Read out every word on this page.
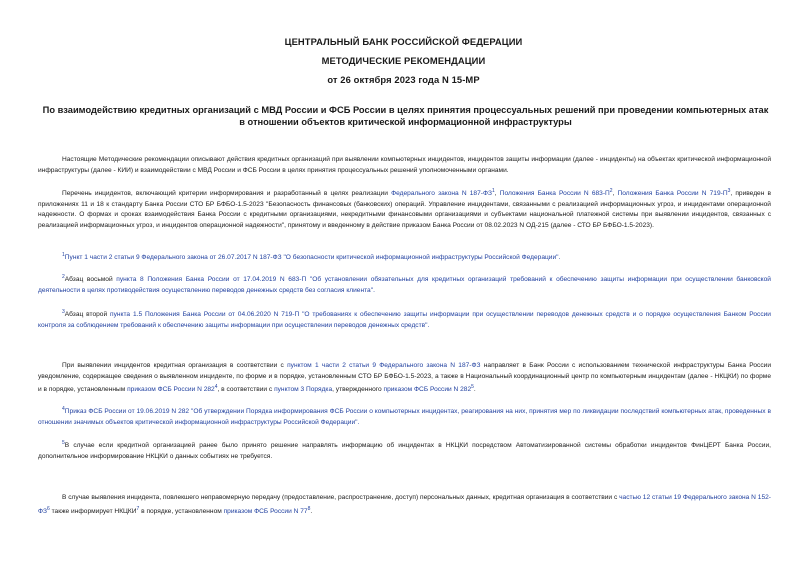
ЦЕНТРАЛЬНЫЙ БАНК РОССИЙСКОЙ ФЕДЕРАЦИИ
МЕТОДИЧЕСКИЕ РЕКОМЕНДАЦИИ
от 26 октября 2023 года N 15-МР
По взаимодействию кредитных организаций с МВД России и ФСБ России в целях принятия процессуальных решений при проведении компьютерных атак в отношении объектов критической информационной инфраструктуры
Настоящие Методические рекомендации описывают действия кредитных организаций при выявлении компьютерных инцидентов, инцидентов защиты информации (далее - инциденты) на объектах критической информационной инфраструктуры (далее - КИИ) и взаимодействии с МВД России и ФСБ России в целях принятия процессуальных решений уполномоченными органами.
Перечень инцидентов, включающий критерии информирования и разработанный в целях реализации Федерального закона N 187-ФЗ$^1$, Положения Банка России N 683-П$^2$, Положения Банка России N 719-П$^3$, приведен в приложениях 11 и 18 к стандарту Банка России СТО БР БФБО-1.5-2023 "Безопасность финансовых (банковских) операций. Управление инцидентами, связанными с реализацией информационных угроз, и инцидентами операционной надежности. О формах и сроках взаимодействия Банка России с кредитными организациями, некредитными финансовыми организациями и субъектами национальной платежной системы при выявлении инцидентов, связанных с реализацией информационных угроз, и инцидентов операционной надежности", принятому и введенному в действие приказом Банка России от 08.02.2023 N ОД-215 (далее - СТО БР БФБО-1.5-2023).
$^1$Пункт 1 части 2 статьи 9 Федерального закона от 26.07.2017 N 187-ФЗ "О безопасности критической информационной инфраструктуры Российской Федерации".
$^2$Абзац восьмой пункта 8 Положения Банка России от 17.04.2019 N 683-П "Об установлении обязательных для кредитных организаций требований к обеспечению защиты информации при осуществлении банковской деятельности в целях противодействия осуществлению переводов денежных средств без согласия клиента".
$^3$Абзац второй пункта 1.5 Положения Банка России от 04.06.2020 N 719-П "О требованиях к обеспечению защиты информации при осуществлении переводов денежных средств и о порядке осуществления Банком России контроля за соблюдением требований к обеспечению защиты информации при осуществлении переводов денежных средств".
При выявлении инцидентов кредитная организация в соответствии с пунктом 1 части 2 статьи 9 Федерального закона N 187-ФЗ направляет в Банк России с использованием технической инфраструктуры Банка России уведомление, содержащее сведения о выявленном инциденте, по форме и в порядке, установленным СТО БР БФБО-1.5-2023, а также в Национальный координационный центр по компьютерным инцидентам (далее - НКЦКИ) по форме и в порядке, установленным приказом ФСБ России N 282$^4$, в соответствии с пунктом 3 Порядка, утвержденного приказом ФСБ России N 282$^5$.
$^4$Приказ ФСБ России от 19.06.2019 N 282 "Об утверждении Порядка информирования ФСБ России о компьютерных инцидентах, реагирования на них, принятия мер по ликвидации последствий компьютерных атак, проведенных в отношении значимых объектов критической информационной инфраструктуры Российской Федерации".
$^5$В случае если кредитной организацией ранее было принято решение направлять информацию об инцидентах в НКЦКИ посредством Автоматизированной системы обработки инцидентов ФинЦЕРТ Банка России, дополнительное информирование НКЦКИ о данных событиях не требуется.
В случае выявления инцидента, повлекшего неправомерную передачу (предоставление, распространение, доступ) персональных данных, кредитная организация в соответствии с частью 12 статьи 19 Федерального закона N 152-ФЗ$^6$ также информирует НКЦКИ$^7$ в порядке, установленном приказом ФСБ России N 77$^8$.
